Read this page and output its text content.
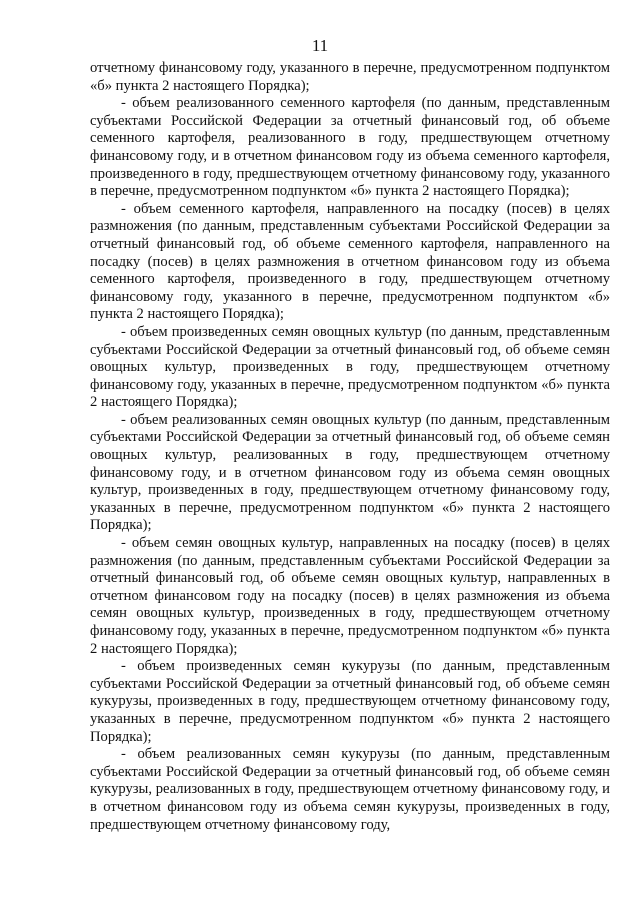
11

отчетному финансовому году, указанного в перечне, предусмотренном подпунктом «б» пункта 2 настоящего Порядка);

- объем реализованного семенного картофеля (по данным, представленным субъектами Российской Федерации за отчетный финансовый год, об объеме семенного картофеля, реализованного в году, предшествующем отчетному финансовому году, и в отчетном финансовом году из объема семенного картофеля, произведенного в году, предшествующем отчетному финансовому году, указанного в перечне, предусмотренном подпунктом «б» пункта 2 настоящего Порядка);

- объем семенного картофеля, направленного на посадку (посев) в целях размножения (по данным, представленным субъектами Российской Федерации за отчетный финансовый год, об объеме семенного картофеля, направленного на посадку (посев) в целях размножения в отчетном финансовом году из объема семенного картофеля, произведенного в году, предшествующем отчетному финансовому году, указанного в перечне, предусмотренном подпунктом «б» пункта 2 настоящего Порядка);

- объем произведенных семян овощных культур (по данным, представленным субъектами Российской Федерации за отчетный финансовый год, об объеме семян овощных культур, произведенных в году, предшествующем отчетному финансовому году, указанных в перечне, предусмотренном подпунктом «б» пункта 2 настоящего Порядка);

- объем реализованных семян овощных культур (по данным, представленным субъектами Российской Федерации за отчетный финансовый год, об объеме семян овощных культур, реализованных в году, предшествующем отчетному финансовому году, и в отчетном финансовом году из объема семян овощных культур, произведенных в году, предшествующем отчетному финансовому году, указанных в перечне, предусмотренном подпунктом «б» пункта 2 настоящего Порядка);

- объем семян овощных культур, направленных на посадку (посев) в целях размножения (по данным, представленным субъектами Российской Федерации за отчетный финансовый год, об объеме семян овощных культур, направленных в отчетном финансовом году на посадку (посев) в целях размножения из объема семян овощных культур, произведенных в году, предшествующем отчетному финансовому году, указанных в перечне, предусмотренном подпунктом «б» пункта 2 настоящего Порядка);

- объем произведенных семян кукурузы (по данным, представленным субъектами Российской Федерации за отчетный финансовый год, об объеме семян кукурузы, произведенных в году, предшествующем отчетному финансовому году, указанных в перечне, предусмотренном подпунктом «б» пункта 2 настоящего Порядка);

- объем реализованных семян кукурузы (по данным, представленным субъектами Российской Федерации за отчетный финансовый год, об объеме семян кукурузы, реализованных в году, предшествующем отчетному финансовому году, и в отчетном финансовом году из объема семян кукурузы, произведенных в году, предшествующем отчетному финансовому году,
